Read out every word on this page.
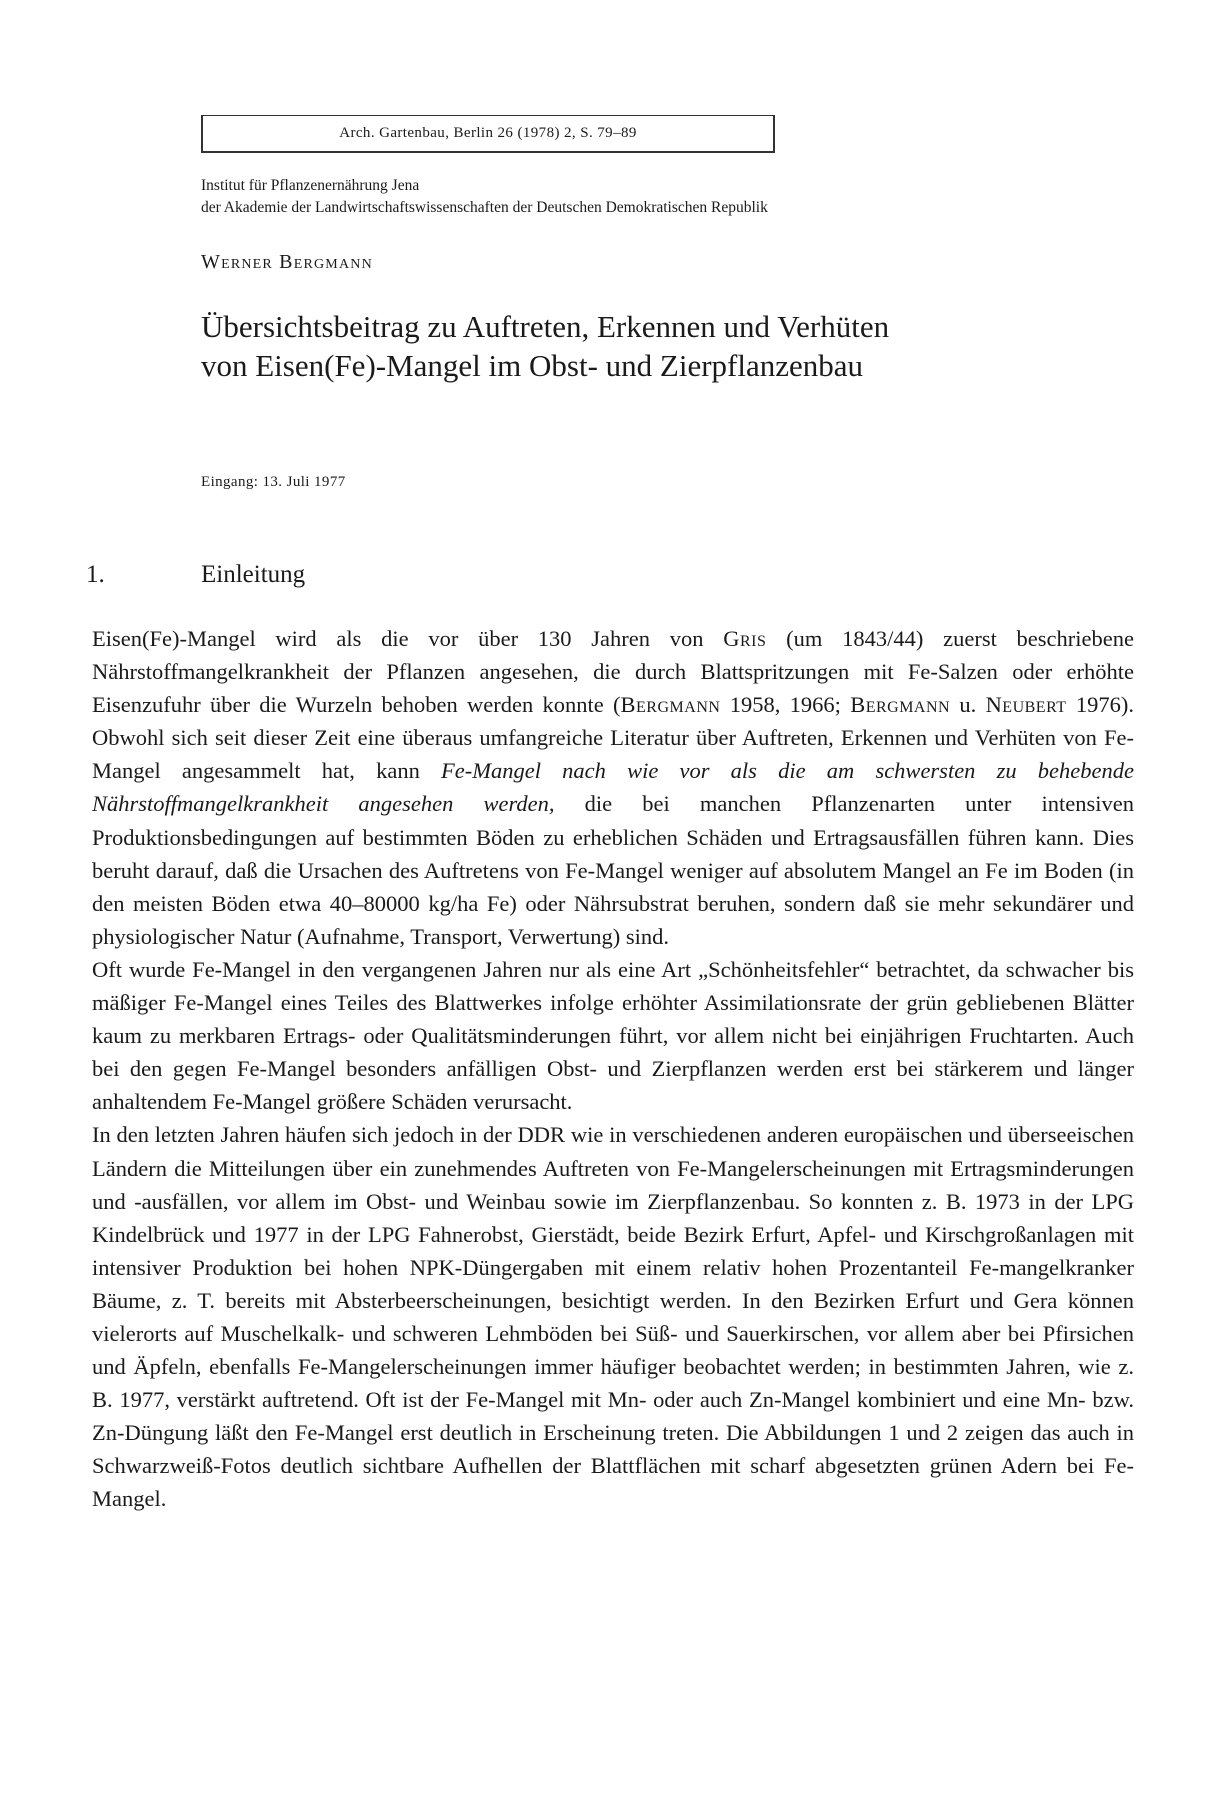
Arch. Gartenbau, Berlin 26 (1978) 2, S. 79–89
Institut für Pflanzenernährung Jena
der Akademie der Landwirtschaftswissenschaften der Deutschen Demokratischen Republik
Werner Bergmann
Übersichtsbeitrag zu Auftreten, Erkennen und Verhüten
von Eisen(Fe)-Mangel im Obst- und Zierpflanzenbau
Eingang: 13. Juli 1977
1.	Einleitung

Eisen(Fe)-Mangel wird als die vor über 130 Jahren von Gris (um 1843/44) zuerst beschriebene Nährstoffmangelkrankheit der Pflanzen angesehen, die durch Blattspritzungen mit Fe-Salzen oder erhöhte Eisenzufuhr über die Wurzeln behoben werden konnte (Bergmann 1958, 1966; Bergmann u. Neubert 1976). Obwohl sich seit dieser Zeit eine überaus umfangreiche Literatur über Auftreten, Erkennen und Verhüten von Fe-Mangel angesammelt hat, kann Fe-Mangel nach wie vor als die am schwersten zu behebende Nährstoffmangelkrankheit angesehen werden, die bei manchen Pflanzenarten unter intensiven Produktionsbedingungen auf bestimmten Böden zu erheblichen Schäden und Ertragsausfällen führen kann. Dies beruht darauf, daß die Ursachen des Auftretens von Fe-Mangel weniger auf absolutem Mangel an Fe im Boden (in den meisten Böden etwa 40–80000 kg/ha Fe) oder Nährsubstrat beruhen, sondern daß sie mehr sekundärer und physiologischer Natur (Aufnahme, Transport, Verwertung) sind.

Oft wurde Fe-Mangel in den vergangenen Jahren nur als eine Art „Schönheitsfehler“ betrachtet, da schwacher bis mäßiger Fe-Mangel eines Teiles des Blattwerkes infolge erhöhter Assimilationsrate der grün gebliebenen Blätter kaum zu merkbaren Ertrags- oder Qualitätsminderungen führt, vor allem nicht bei einjährigen Fruchtarten. Auch bei den gegen Fe-Mangel besonders anfälligen Obst- und Zierpflanzen werden erst bei stärkerem und länger anhaltendem Fe-Mangel größere Schäden verursacht.

In den letzten Jahren häufen sich jedoch in der DDR wie in verschiedenen anderen europäischen und überseeischen Ländern die Mitteilungen über ein zunehmendes Auftreten von Fe-Mangelerscheinungen mit Ertragsminderungen und -ausfällen, vor allem im Obst- und Weinbau sowie im Zierpflanzenbau. So konnten z. B. 1973 in der LPG Kindelbrück und 1977 in der LPG Fahnerobst, Gierstädt, beide Bezirk Erfurt, Apfel- und Kirschgroßanlagen mit intensiver Produktion bei hohen NPK-Düngergaben mit einem relativ hohen Prozentanteil Fe-mangelkranker Bäume, z. T. bereits mit Absterbeerscheinungen, besichtigt werden. In den Bezirken Erfurt und Gera können vielerorts auf Muschelkalk- und schweren Lehmböden bei Süß- und Sauerkirschen, vor allem aber bei Pfirsichen und Äpfeln, ebenfalls Fe-Mangelerscheinungen immer häufiger beobachtet werden; in bestimmten Jahren, wie z. B. 1977, verstärkt auftretend. Oft ist der Fe-Mangel mit Mn- oder auch Zn-Mangel kombiniert und eine Mn- bzw. Zn-Düngung läßt den Fe-Mangel erst deutlich in Erscheinung treten. Die Abbildungen 1 und 2 zeigen das auch in Schwarzweiß-Fotos deutlich sichtbare Aufhellen der Blattflächen mit scharf abgesetzten grünen Adern bei Fe-Mangel.
